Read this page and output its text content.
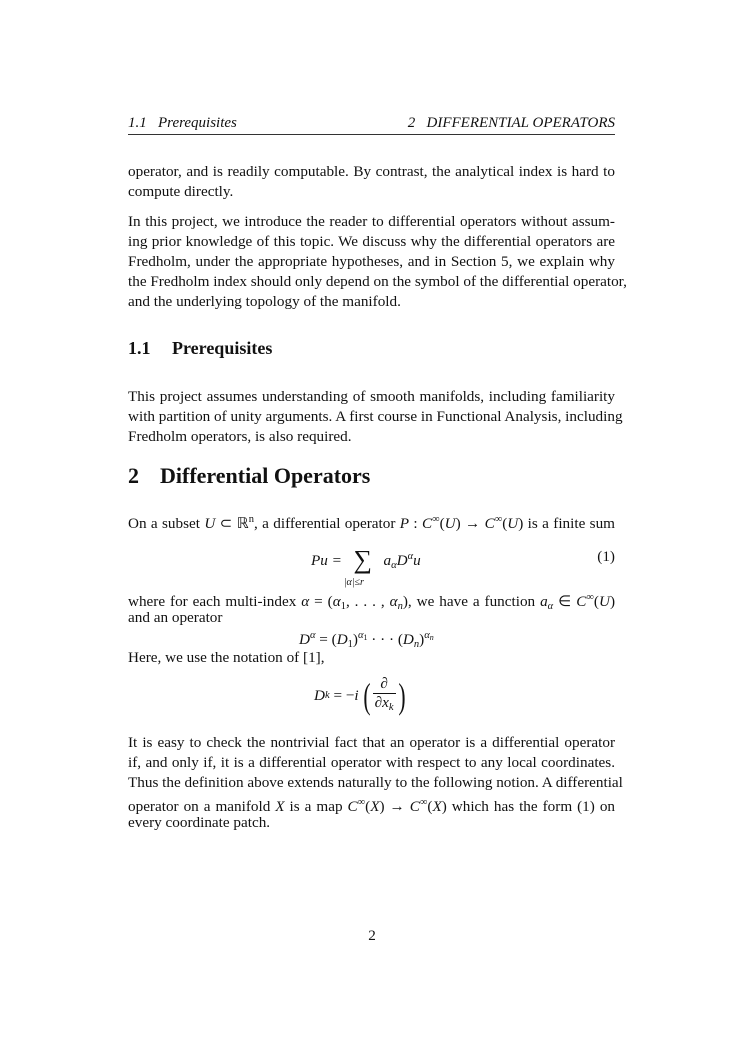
1.1 Prerequisites	2 DIFFERENTIAL OPERATORS
operator, and is readily computable. By contrast, the analytical index is hard to
compute directly.
In this project, we introduce the reader to differential operators without assum-
ing prior knowledge of this topic. We discuss why the differential operators are
Fredholm, under the appropriate hypotheses, and in Section 5, we explain why
the Fredholm index should only depend on the symbol of the differential operator,
and the underlying topology of the manifold.
This project assumes understanding of smooth manifolds, including familiarity
with partition of unity arguments. A first course in Functional Analysis, including
Fredholm operators, is also required.
On a subset U ⊂ ℝ$^n$, a differential operator P : C∞(U) → C∞(U) is a finite sum
where for each multi-index $\alpha = (\alpha_1$, . . . , $\alpha_n$), we have a function $a_\alpha$ ∈ C∞(U)
and an operator
Here, we use the notation of [1],
It is easy to check the nontrivial fact that an operator is a differential operator
if, and only if, it is a differential operator with respect to any local coordinates.
Thus the definition above extends naturally to the following notion. A differential
operator on a manifold X is a map C∞(X) → C∞(X) which has the form (1) on
every coordinate patch.
1.1 Prerequisites
2 Differential Operators
Pu = ∑
|α|≤r
$a_\alpha D^\alpha u$	(1)
$D^\alpha = (D_1)^{\alpha 1}$ · · · $(D_n)^{\alpha n}$
D k
= − i ( ∂
$\partial x_k$ )
2
